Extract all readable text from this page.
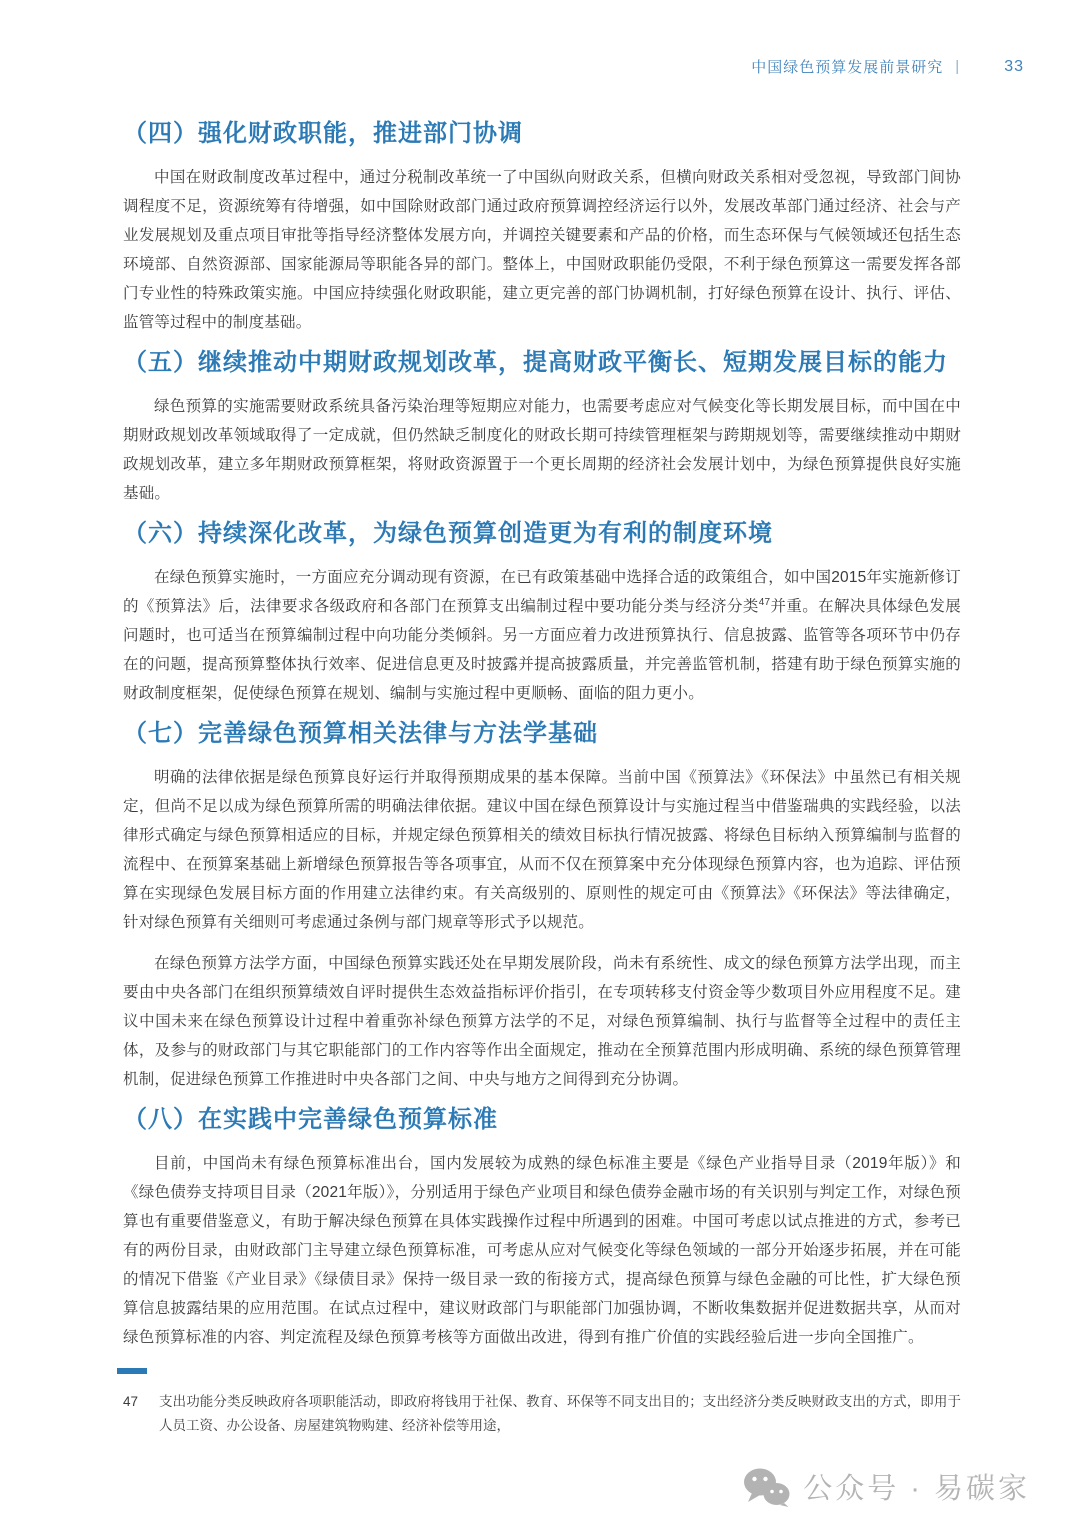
中国绿色预算发展前景研究 |	33
（四）强化财政职能，推进部门协调

中国在财政制度改革过程中，通过分税制改革统一了中国纵向财政关系，但横向财政关系相对受忽视，导致部门间协调程度不足，资源统筹有待增强，如中国除财政部门通过政府预算调控经济运行以外，发展改革部门通过经济、社会与产业发展规划及重点项目审批等指导经济整体发展方向，并调控关键要素和产品的价格，而生态环保与气候领域还包括生态环境部、自然资源部、国家能源局等职能各异的部门。整体上，中国财政职能仍受限，不利于绿色预算这一需要发挥各部门专业性的特殊政策实施。中国应持续强化财政职能，建立更完善的部门协调机制，打好绿色预算在设计、执行、评估、监管等过程中的制度基础。

（五）继续推动中期财政规划改革，提高财政平衡长、短期发展目标的能力

绿色预算的实施需要财政系统具备污染治理等短期应对能力，也需要考虑应对气候变化等长期发展目标，而中国在中期财政规划改革领域取得了一定成就，但仍然缺乏制度化的财政长期可持续管理框架与跨期规划等，需要继续推动中期财政规划改革，建立多年期财政预算框架，将财政资源置于一个更长周期的经济社会发展计划中，为绿色预算提供良好实施基础。

（六）持续深化改革，为绿色预算创造更为有利的制度环境

在绿色预算实施时，一方面应充分调动现有资源，在已有政策基础中选择合适的政策组合，如中国2015年实施新修订的《预算法》后，法律要求各级政府和各部门在预算支出编制过程中要功能分类与经济分类$^{47}$并重。在解决具体绿色发展问题时，也可适当在预算编制过程中向功能分类倾斜。另一方面应着力改进预算执行、信息披露、监管等各项环节中仍存在的问题，提高预算整体执行效率、促进信息更及时披露并提高披露质量，并完善监管机制，搭建有助于绿色预算实施的财政制度框架，促使绿色预算在规划、编制与实施过程中更顺畅、面临的阻力更小。

（七）完善绿色预算相关法律与方法学基础

明确的法律依据是绿色预算良好运行并取得预期成果的基本保障。当前中国《预算法》《环保法》中虽然已有相关规定，但尚不足以成为绿色预算所需的明确法律依据。建议中国在绿色预算设计与实施过程当中借鉴瑞典的实践经验，以法律形式确定与绿色预算相适应的目标，并规定绿色预算相关的绩效目标执行情况披露、将绿色目标纳入预算编制与监督的流程中、在预算案基础上新增绿色预算报告等各项事宜，从而不仅在预算案中充分体现绿色预算内容，也为追踪、评估预算在实现绿色发展目标方面的作用建立法律约束。有关高级别的、原则性的规定可由《预算法》《环保法》等法律确定，针对绿色预算有关细则可考虑通过条例与部门规章等形式予以规范。

在绿色预算方法学方面，中国绿色预算实践还处在早期发展阶段，尚未有系统性、成文的绿色预算方法学出现，而主要由中央各部门在组织预算绩效自评时提供生态效益指标评价指引，在专项转移支付资金等少数项目外应用程度不足。建议中国未来在绿色预算设计过程中着重弥补绿色预算方法学的不足，对绿色预算编制、执行与监督等全过程中的责任主体，及参与的财政部门与其它职能部门的工作内容等作出全面规定，推动在全预算范围内形成明确、系统的绿色预算管理机制，促进绿色预算工作推进时中央各部门之间、中央与地方之间得到充分协调。

（八）在实践中完善绿色预算标准

目前，中国尚未有绿色预算标准出台，国内发展较为成熟的绿色标准主要是《绿色产业指导目录（2019年版）》和《绿色债券支持项目目录（2021年版）》，分别适用于绿色产业项目和绿色债券金融市场的有关识别与判定工作，对绿色预算也有重要借鉴意义，有助于解决绿色预算在具体实践操作过程中所遇到的困难。中国可考虑以试点推进的方式，参考已有的两份目录，由财政部门主导建立绿色预算标准，可考虑从应对气候变化等绿色领域的一部分开始逐步拓展，并在可能的情况下借鉴《产业目录》《绿债目录》保持一级目录一致的衔接方式，提高绿色预算与绿色金融的可比性，扩大绿色预算信息披露结果的应用范围。在试点过程中，建议财政部门与职能部门加强协调，不断收集数据并促进数据共享，从而对绿色预算标准的内容、判定流程及绿色预算考核等方面做出改进，得到有推广价值的实践经验后进一步向全国推广。

47	支出功能分类反映政府各项职能活动，即政府将钱用于社保、教育、环保等不同支出目的；支出经济分类反映财政支出的方式，即用于人员工资、办公设备、房屋建筑物购建、经济补偿等用途，
公众号 · 易碳家
